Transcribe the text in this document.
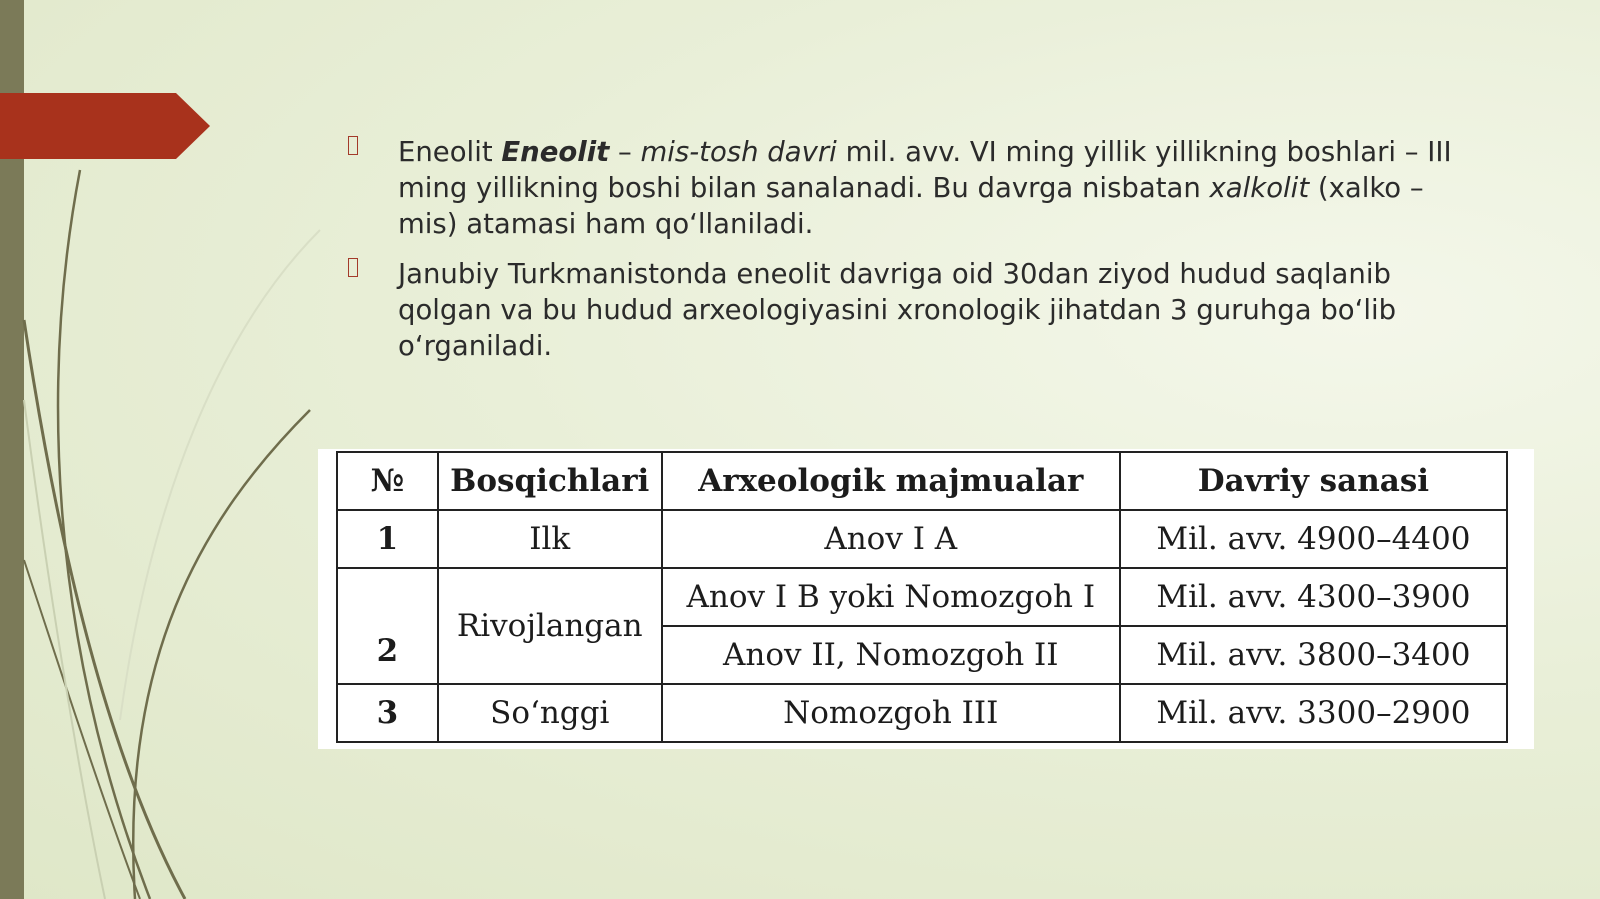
Eneolit Eneolit – mis-tosh davri mil. avv. VI ming yillik yillikning boshlari – III ming yillikning boshi bilan sanalanadi. Bu davrga nisbatan xalkolit (xalko – mis) atamasi ham qo‘llaniladi.
Janubiy Turkmanistonda eneolit davriga oid 30dan ziyod hudud saqlanib qolgan va bu hudud arxeologiyasini xronologik jihatdan 3 guruhga bo‘lib o‘rganiladi.
№	Bosqichlari	Arxeologik majmualar	Davriy sanasi
1	Ilk	Anov I A	Mil. avv. 4900–4400
2	Rivojlangan	Anov I B yoki Nomozgoh I	Mil. avv. 4300–3900
		Anov II, Nomozgoh II	Mil. avv. 3800–3400
3	So‘nggi	Nomozgoh III	Mil. avv. 3300–2900
